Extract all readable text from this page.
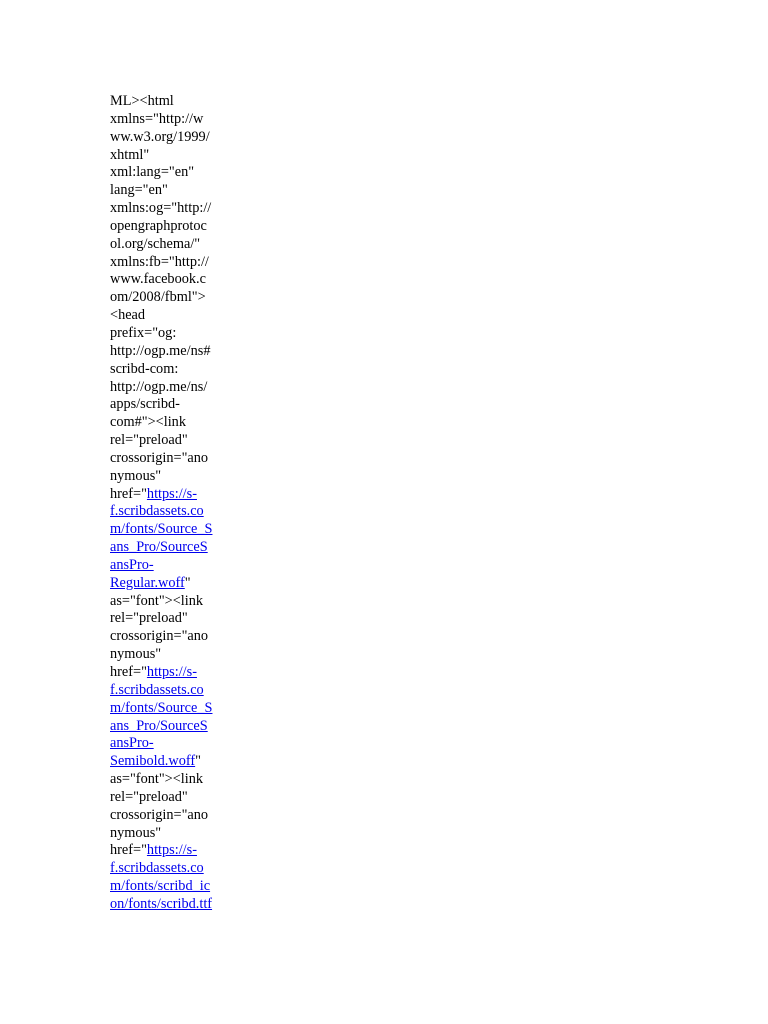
ML><html
xmlns="http://w
ww.w3.org/1999/
xhtml"
xml:lang="en"
lang="en"
xmlns:og="http://
opengraphprotoc
ol.org/schema/"
xmlns:fb="http://
www.facebook.c
om/2008/fbml">
<head
prefix="og:
http://ogp.me/ns#
scribd-com:
http://ogp.me/ns/
apps/scribd-
com#"><link
rel="preload"
crossorigin="ano
nymous"
href="https://s-
f.scribdassets.co
m/fonts/Source_S
ans_Pro/SourceS
ansPro-
Regular.woff"
as="font"><link
rel="preload"
crossorigin="ano
nymous"
href="https://s-
f.scribdassets.co
m/fonts/Source_S
ans_Pro/SourceS
ansPro-
Semibold.woff"
as="font"><link
rel="preload"
crossorigin="ano
nymous"
href="https://s-
f.scribdassets.co
m/fonts/scribd_ic
on/fonts/scribd.ttf
